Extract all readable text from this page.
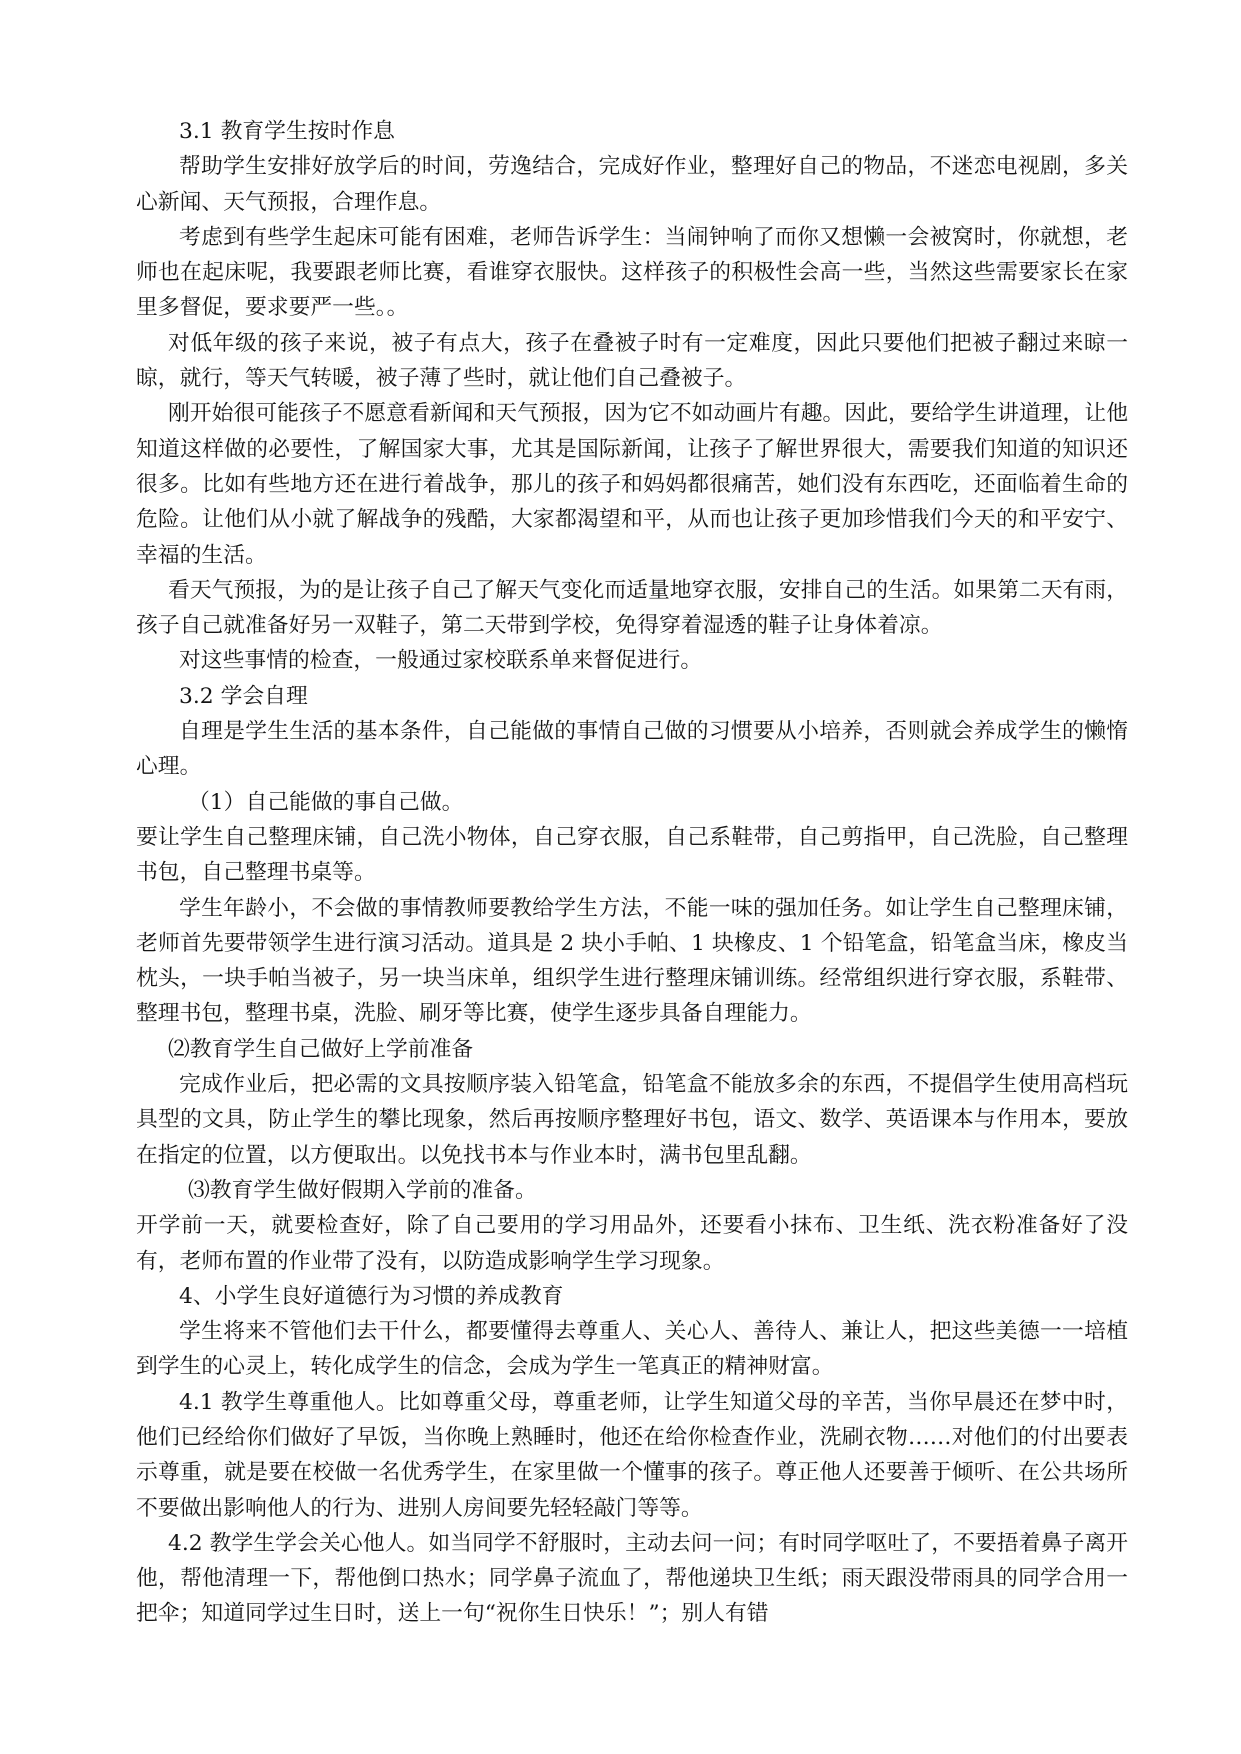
3.1 教育学生按时作息

帮助学生安排好放学后的时间，劳逸结合，完成好作业，整理好自己的物品，不迷恋电视剧，多关心新闻、天气预报，合理作息。

考虑到有些学生起床可能有困难，老师告诉学生：当闹钟响了而你又想懒一会被窝时，你就想，老师也在起床呢，我要跟老师比赛，看谁穿衣服快。这样孩子的积极性会高一些，当然这些需要家长在家里多督促，要求要严一些。。

对低年级的孩子来说，被子有点大，孩子在叠被子时有一定难度，因此只要他们把被子翻过来晾一晾，就行，等天气转暖，被子薄了些时，就让他们自己叠被子。

刚开始很可能孩子不愿意看新闻和天气预报，因为它不如动画片有趣。因此，要给学生讲道理，让他知道这样做的必要性，了解国家大事，尤其是国际新闻，让孩子了解世界很大，需要我们知道的知识还很多。比如有些地方还在进行着战争，那儿的孩子和妈妈都很痛苦，她们没有东西吃，还面临着生命的危险。让他们从小就了解战争的残酷，大家都渴望和平，从而也让孩子更加珍惜我们今天的和平安宁、幸福的生活。

看天气预报，为的是让孩子自己了解天气变化而适量地穿衣服，安排自己的生活。如果第二天有雨，孩子自己就准备好另一双鞋子，第二天带到学校，免得穿着湿透的鞋子让身体着凉。

对这些事情的检查，一般通过家校联系单来督促进行。

3.2 学会自理

自理是学生生活的基本条件，自己能做的事情自己做的习惯要从小培养，否则就会养成学生的懒惰心理。

（1）自己能做的事自己做。

要让学生自己整理床铺，自己洗小物体，自己穿衣服，自己系鞋带，自己剪指甲，自己洗脸，自己整理书包，自己整理书桌等。

学生年龄小，不会做的事情教师要教给学生方法，不能一味的强加任务。如让学生自己整理床铺，老师首先要带领学生进行演习活动。道具是 2 块小手帕、1 块橡皮、1 个铅笔盒，铅笔盒当床，橡皮当枕头，一块手帕当被子，另一块当床单，组织学生进行整理床铺训练。经常组织进行穿衣服，系鞋带、整理书包，整理书桌，洗脸、刷牙等比赛，使学生逐步具备自理能力。

⑵教育学生自己做好上学前准备

完成作业后，把必需的文具按顺序装入铅笔盒，铅笔盒不能放多余的东西，不提倡学生使用高档玩具型的文具，防止学生的攀比现象，然后再按顺序整理好书包，语文、数学、英语课本与作用本，要放在指定的位置，以方便取出。以免找书本与作业本时，满书包里乱翻。

⑶教育学生做好假期入学前的准备。

开学前一天，就要检查好，除了自己要用的学习用品外，还要看小抹布、卫生纸、洗衣粉准备好了没有，老师布置的作业带了没有，以防造成影响学生学习现象。

4、小学生良好道德行为习惯的养成教育

学生将来不管他们去干什么，都要懂得去尊重人、关心人、善待人、兼让人，把这些美德一一培植到学生的心灵上，转化成学生的信念，会成为学生一笔真正的精神财富。

4.1 教学生尊重他人。比如尊重父母，尊重老师，让学生知道父母的辛苦，当你早晨还在梦中时，他们已经给你们做好了早饭，当你晚上熟睡时，他还在给你检查作业，洗刷衣物……对他们的付出要表示尊重，就是要在校做一名优秀学生，在家里做一个懂事的孩子。尊正他人还要善于倾听、在公共场所不要做出影响他人的行为、进别人房间要先轻轻敲门等等。

4.2 教学生学会关心他人。如当同学不舒服时，主动去问一问；有时同学呕吐了，不要捂着鼻子离开他，帮他清理一下，帮他倒口热水；同学鼻子流血了，帮他递块卫生纸；雨天跟没带雨具的同学合用一把伞；知道同学过生日时，送上一句“祝你生日快乐！”；别人有错
